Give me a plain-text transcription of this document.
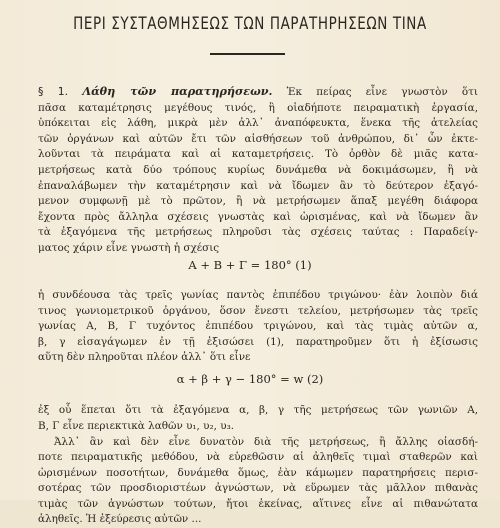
ΠΕΡΙ ΣΥΣΤΑΘΜΗΣΕΩΣ ΤΩΝ ΠΑΡΑΤΗΡΗΣΕΩΝ ΤΙΝΑ
§ 1. Λάθη τῶν παρατηρήσεων. Ἐκ πείρας εἶνε γνωστὸν ὅτι
πᾶσα καταμέτρησις μεγέθους τινός, ἢ οἱαδήποτε πειραματικὴ ἐργασία,
ὑπόκειται εἰς λάθη, μικρὰ μὲν ἀλλ᾽ ἀναπόφευκτα, ἕνεκα τῆς ἀτελείας
τῶν ὀργάνων καὶ αὐτῶν ἔτι τῶν αἰσθήσεων τοῦ ἀνθρώπου, δι᾽ ὧν ἐκτε-
λοῦνται τὰ πειράματα καὶ αἱ καταμετρήσεις. Τὸ ὀρθὸν δὲ μιᾶς κατα-
μετρήσεως κατὰ δύο τρόπους κυρίως δυνάμεθα νὰ δοκιμάσωμεν, ἢ νὰ
ἐπαναλάβωμεν τὴν καταμέτρησιν καὶ νὰ ἴδωμεν ἂν τὸ δεύτερον ἐξαγό-
μενον συμφωνῇ μὲ τὸ πρῶτον, ἢ νὰ μετρήσωμεν ἅπαξ μεγέθη διάφορα
ἔχοντα πρὸς ἄλληλα σχέσεις γνωστὰς καὶ ὡρισμένας, καὶ νὰ ἴδωμεν ἂν
τὰ ἐξαγόμενα τῆς μετρήσεως πληροῦσι τὰς σχέσεις ταύτας : Παραδείγ-
ματος χάριν εἶνε γνωστὴ ἡ σχέσις
Α + Β + Γ = 180° (1)
ἡ συνδέουσα τὰς τρεῖς γωνίας παντὸς ἐπιπέδου τριγώνου· ἐὰν λοιπὸν διά
τινος γωνιομετρικοῦ ὀργάνου, ὅσον ἔνεστι τελείου, μετρήσωμεν τὰς τρεῖς
γωνίας Α, Β, Γ τυχόντος ἐπιπέδου τριγώνου, καὶ τὰς τιμὰς αὐτῶν α,
β, γ εἰσαγάγωμεν ἐν τῇ ἐξισώσει (1), παρατηροῦμεν ὅτι ἡ ἐξίσωσις
αὕτη δὲν πληροῦται πλέον ἀλλ᾽ ὅτι εἶνε
α + β + γ − 180° = w (2)
ἐξ οὗ ἕπεται ὅτι τὰ ἐξαγόμενα α, β, γ τῆς μετρήσεως τῶν γωνιῶν Α,
Β, Γ εἶνε περιεκτικὰ λαθῶν υ₁, υ₂, υ₃.
Ἀλλ᾽ ἂν καὶ δὲν εἶνε δυνατὸν διὰ τῆς μετρήσεως, ἢ ἄλλης οἱασδή-
ποτε πειραματικῆς μεθόδου, νὰ εὑρεθῶσιν αἱ ἀληθεῖς τιμαὶ σταθερῶν καὶ
ὡρισμένων ποσοτήτων, δυνάμεθα ὅμως, ἐὰν κάμωμεν παρατηρήσεις περισ-
σοτέρας τῶν προσδιοριστέων ἀγνώστων, νὰ εὕρωμεν τὰς μᾶλλον πιθανὰς
τιμὰς τῶν ἀγνώστων τούτων, ἤτοι ἐκείνας, αἵτινες εἶνε αἱ πιθανώτατα
ἀληθεῖς. Ἡ ἐξεύρεσις αὐτῶν ...
